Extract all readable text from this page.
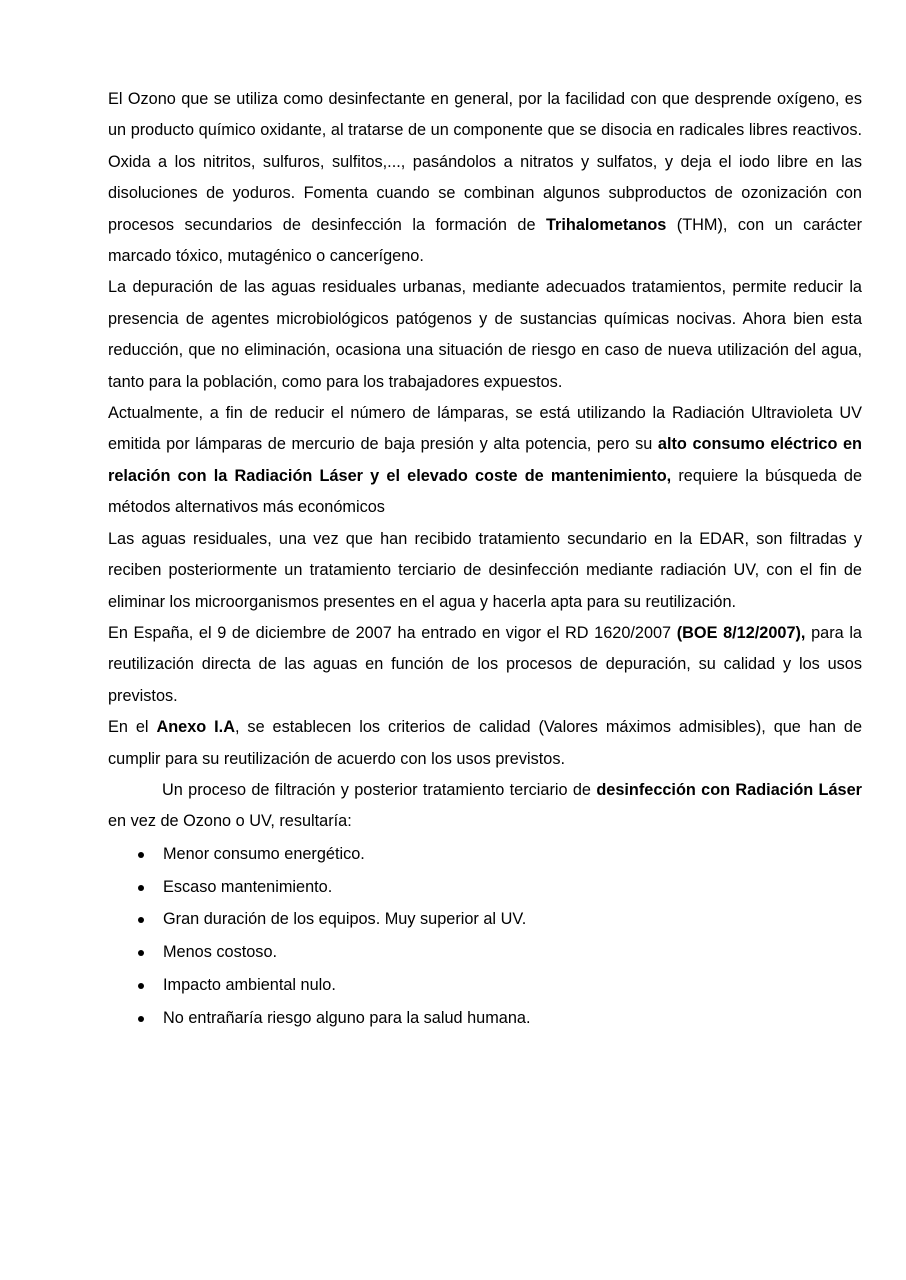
El Ozono que se utiliza como desinfectante en general, por la facilidad con que desprende oxígeno, es un producto químico oxidante, al tratarse de un componente que se disocia en radicales libres reactivos. Oxida a los nitritos, sulfuros, sulfitos,..., pasándolos a nitratos y sulfatos, y deja el iodo libre en las disoluciones de yoduros. Fomenta cuando se combinan algunos subproductos de ozonización con procesos secundarios de desinfección la formación de Trihalometanos (THM), con un carácter marcado tóxico, mutagénico o cancerígeno.

La depuración de las aguas residuales urbanas, mediante adecuados tratamientos, permite reducir la presencia de agentes microbiológicos patógenos y de sustancias químicas nocivas. Ahora bien esta reducción, que no eliminación, ocasiona una situación de riesgo en caso de nueva utilización del agua, tanto para la población, como para los trabajadores expuestos.

Actualmente, a fin de reducir el número de lámparas, se está utilizando la Radiación Ultravioleta UV emitida por lámparas de mercurio de baja presión y alta potencia, pero su alto consumo eléctrico en relación con la Radiación Láser y el elevado coste de mantenimiento, requiere la búsqueda de métodos alternativos más económicos

Las aguas residuales, una vez que han recibido tratamiento secundario en la EDAR, son filtradas y reciben posteriormente un tratamiento terciario de desinfección mediante radiación UV, con el fin de eliminar los microorganismos presentes en el agua y hacerla apta para su reutilización.

En España, el 9 de diciembre de 2007 ha entrado en vigor el RD 1620/2007 (BOE 8/12/2007), para la reutilización directa de las aguas en función de los procesos de depuración, su calidad y los usos previstos.

En el Anexo I.A, se establecen los criterios de calidad (Valores máximos admisibles), que han de cumplir para su reutilización de acuerdo con los usos previstos.

Un proceso de filtración y posterior tratamiento terciario de desinfección con Radiación Láser en vez de Ozono o UV, resultaría:

Menor consumo energético.
Escaso mantenimiento.
Gran duración de los equipos. Muy superior al UV.
Menos costoso.
Impacto ambiental nulo.
No entrañaría riesgo alguno para la salud humana.
